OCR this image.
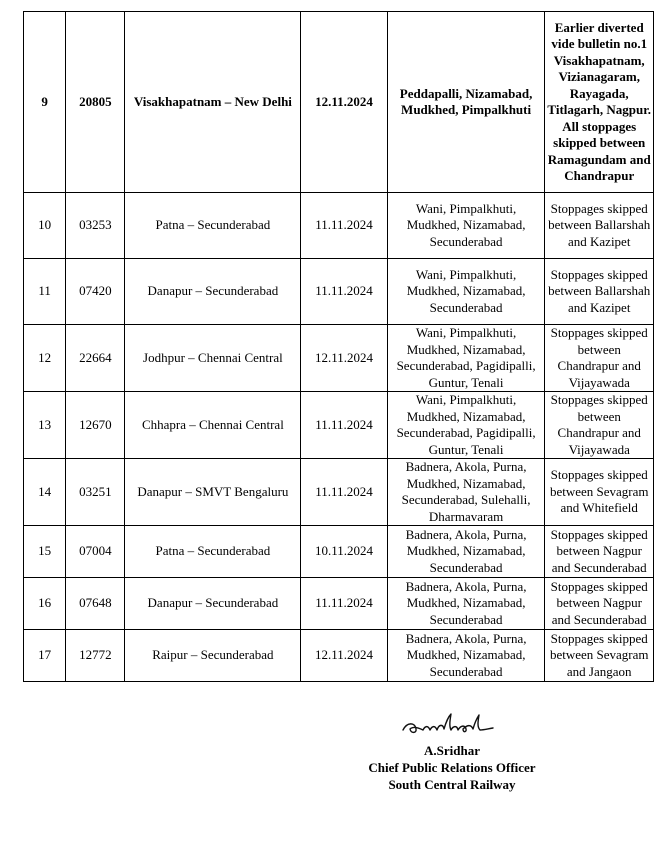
9	20805	Visakhapatnam – New Delhi	12.11.2024	Peddapalli, Nizamabad, Mudkhed, Pimpalkhuti	Earlier diverted vide bulletin no.1 Visakhapatnam, Vizianagaram, Rayagada, Titlagarh, Nagpur. All stoppages skipped between Ramagundam and Chandrapur
10	03253	Patna – Secunderabad	11.11.2024	Wani, Pimpalkhuti, Mudkhed, Nizamabad, Secunderabad	Stoppages skipped between Ballarshah and Kazipet
11	07420	Danapur – Secunderabad	11.11.2024	Wani, Pimpalkhuti, Mudkhed, Nizamabad, Secunderabad	Stoppages skipped between Ballarshah and Kazipet
12	22664	Jodhpur – Chennai Central	12.11.2024	Wani, Pimpalkhuti, Mudkhed, Nizamabad, Secunderabad, Pagidipalli, Guntur, Tenali	Stoppages skipped between Chandrapur and Vijayawada
13	12670	Chhapra – Chennai Central	11.11.2024	Wani, Pimpalkhuti, Mudkhed, Nizamabad, Secunderabad, Pagidipalli, Guntur, Tenali	Stoppages skipped between Chandrapur and Vijayawada
14	03251	Danapur – SMVT Bengaluru	11.11.2024	Badnera, Akola, Purna, Mudkhed, Nizamabad, Secunderabad, Sulehalli, Dharmavaram	Stoppages skipped between Sevagram and Whitefield
15	07004	Patna – Secunderabad	10.11.2024	Badnera, Akola, Purna, Mudkhed, Nizamabad, Secunderabad	Stoppages skipped between Nagpur and Secunderabad
16	07648	Danapur – Secunderabad	11.11.2024	Badnera, Akola, Purna, Mudkhed, Nizamabad, Secunderabad	Stoppages skipped between Nagpur and Secunderabad
17	12772	Raipur – Secunderabad	12.11.2024	Badnera, Akola, Purna, Mudkhed, Nizamabad, Secunderabad	Stoppages skipped between Sevagram and Jangaon
A.Sridhar
Chief Public Relations Officer
South Central Railway
